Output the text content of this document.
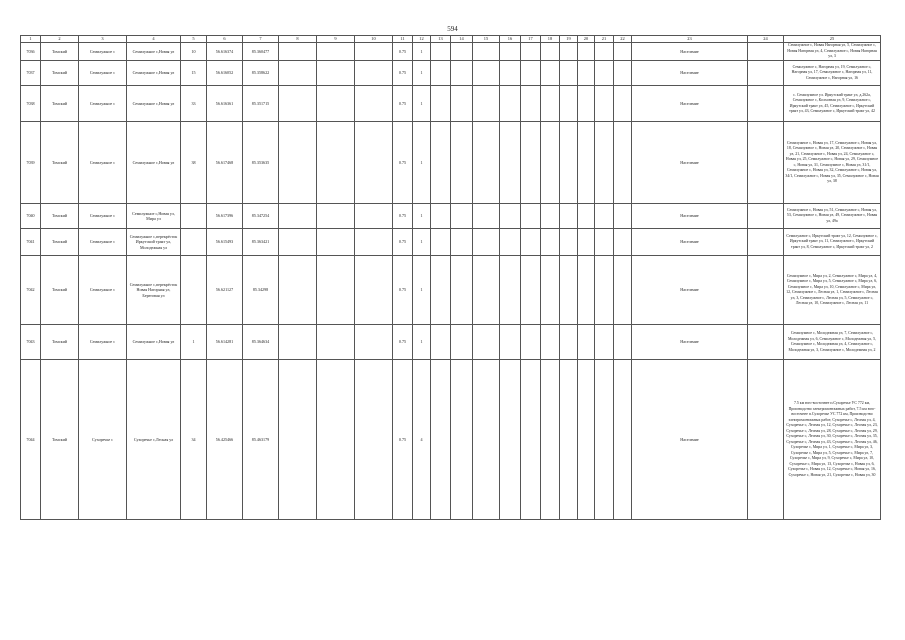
594
1	2	3	4	5	6	7	8	9	10	11	12	13	14	15	16	17	18	19	20	21	22	23	24	25
7036	Томский	Семилужное с	Семилужное с,Новая ул	10	56.616374	85.360477				0.75	1											Население		Семилужное с, Новая Нагорная ул, 5, Семилужное с, Новая Нагорная ул, 4, Семилужное с, Новая Нагорная ул, 3
7037	Томский	Семилужное с	Семилужное с,Новая ул	15	56.616052	85.358622				0.75	1											Население		Семилужное с, Нагорная ул, 19, Семилужное с, Нагорная ул, 17, Семилужное с, Нагорная ул, 11, Семилужное с, Нагорная ул, 16
7038	Томский	Семилужное с	Семилужное с,Новая ул	33	56.616361	85.351715				0.75	1											Население		с. Семилужное ул. Иркутский тракт ул, д.262а, Семилужное с, Колхозная ул, 9, Семилужное с, Иркутский тракт ул, 45, Семилужное с, Иркутский тракт ул, 43, Семилужное с, Иркутский тракт ул, 42
7039	Томский	Семилужное с	Семилужное с,Новая ул	38	56.617468	85.353635				0.75	1											Население		Семилужное с, Новая ул, 17, Семилужное с, Новая ул, 18, Семилужное с, Новая ул, 20, Семилужное с, Новая ул, 21, Семилужное с, Новая ул, 24, Семилужное с, Новая ул, 25, Семилужное с, Новая ул, 29, Семилужное с, Новая ул, 31, Семилужное с, Новая ул, 31/1, Семилужное с, Новая ул, 32, Семилужное с, Новая ул, 34/1, Семилужное с, Новая ул, 35, Семилужное с, Новая ул, 38
7040	Томский	Семилужное с	Семилужное с,Новая ул, Мира ул		56.617396	85.347254				0.75	1											Население		Семилужное с, Новая ул, 51, Семилужное с, Новая ул, 53, Семилужное с, Новая ул, 49, Семилужное с, Новая ул, 49а
7041	Томский	Семилужное с	Семилужное с,перекрёсток Иркутский тракт ул, Молодежная ул		56.615493	85.363421				0.75	1											Население		Семилужное с, Иркутский тракт ул, 12, Семилужное с, Иркутский тракт ул, 11, Семилужное с, Иркутский тракт ул, 8, Семилужное с, Иркутский тракт ул, 2
7042	Томский	Семилужное с	Семилужное с,перекрёсток Новая Нагорная ул, Береговая ул		56.621127	85.34298				0.75	1											Население		Семилужное с, Мира ул, 2, Семилужное с, Мира ул, 4, Семилужное с, Мира ул, 5, Семилужное с, Мира ул, 6, Семилужное с, Мира ул, 10, Семилужное с, Мира ул, 12, Семилужное с, Лесная ул, 1, Семилужное с, Лесная ул, 3, Семилужное с, Лесная ул, 5, Семилужное с, Лесная ул, 10, Семилужное с, Лесная ул, 11
7043	Томский	Семилужное с	Семилужное с,Новая ул	1	56.614281	85.364634				0.75	1											Население		Семилужное с, Молодежная ул, 7, Семилужное с, Молодежная ул, 6, Семилужное с, Молодежная ул, 5, Семилужное с, Молодежная ул, 4, Семилужное с, Молодежная ул, 3, Семилужное с, Молодежная ул, 2
7044	Томский	Сухоречье с	Сухоречье с,Лесная ул	34	56.425466	85.463179				0.75	4											Население		7.5 км юго-восточнее п.Сухоречье УС 772 км, Производство электромонтажных работ, 7.5 км юго-восточнее п.Сухоречье УС 772 км, Производство электромонтажных работ, Сухоречье с, Лесная ул, 4, Сухоречье с, Лесная ул, 12, Сухоречье с, Лесная ул, 23, Сухоречье с, Лесная ул, 28, Сухоречье с, Лесная ул, 29, Сухоречье с, Лесная ул, 30, Сухоречье с, Лесная ул, 35, Сухоречье с, Лесная ул, 43, Сухоречье с, Лесная ул, 46, Сухоречье с, Мира ул, 1, Сухоречье с, Мира ул, 3, Сухоречье с, Мира ул, 5, Сухоречье с, Мира ул, 7, Сухоречье с, Мира ул, 9, Сухоречье с, Мира ул, 10, Сухоречье с, Мира ул, 13, Сухоречье с, Новая ул, 6, Сухоречье с, Новая ул, 12, Сухоречье с, Новая ул, 16, Сухоречье с, Новая ул, 21, Сухоречье с, Новая ул, 30
